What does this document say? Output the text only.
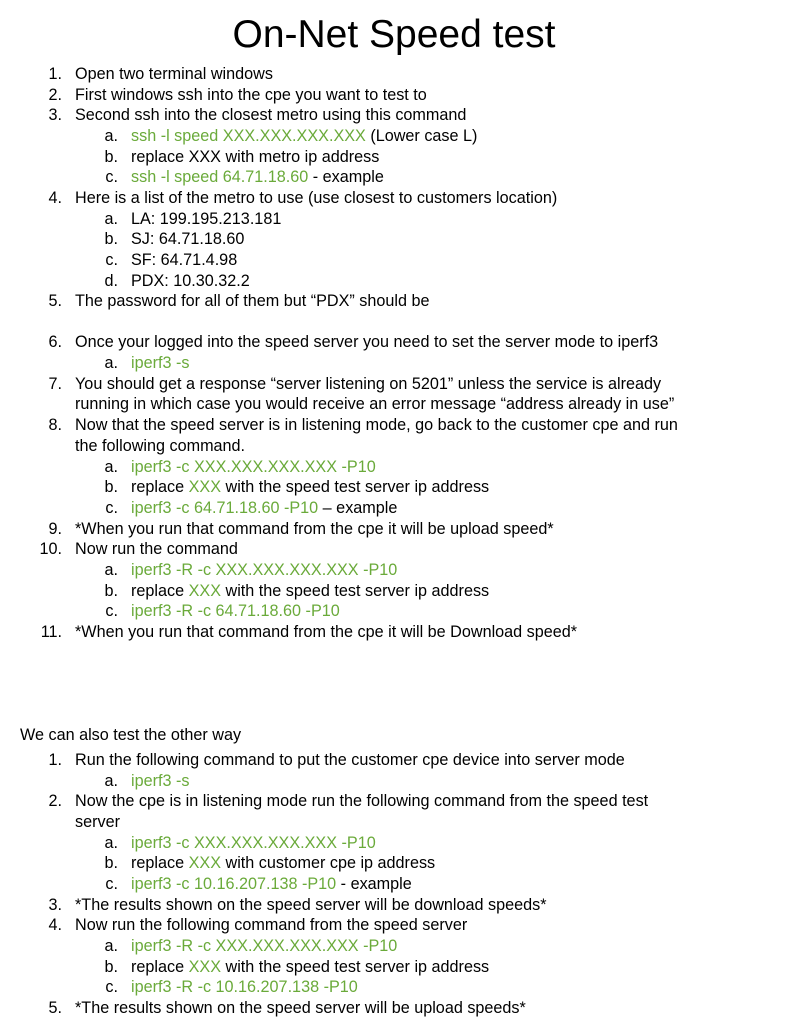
On-Net Speed test
1. Open two terminal windows
2. First windows ssh into the cpe you want to test to
3. Second ssh into the closest metro using this command
a. ssh -l speed XXX.XXX.XXX.XXX (Lower case L)
b. replace XXX with metro ip address
c. ssh -l speed 64.71.18.60 - example
4. Here is a list of the metro to use (use closest to customers location)
a. LA: 199.195.213.181
b. SJ: 64.71.18.60
c. SF: 64.71.4.98
d. PDX: 10.30.32.2
5. The password for all of them but “PDX” should be
6. Once your logged into the speed server you need to set the server mode to iperf3
a. iperf3 -s
7. You should get a response “server listening on 5201” unless the service is already
running in which case you would receive an error message “address already in use”
8. Now that the speed server is in listening mode, go back to the customer cpe and run
the following command.
a. iperf3 -c XXX.XXX.XXX.XXX -P10
b. replace XXX with the speed test server ip address
c. iperf3 -c 64.71.18.60 -P10 – example
9. *When you run that command from the cpe it will be upload speed*
10. Now run the command
a. iperf3 -R -c XXX.XXX.XXX.XXX -P10
b. replace XXX with the speed test server ip address
c. iperf3 -R -c 64.71.18.60 -P10
11. *When you run that command from the cpe it will be Download speed*
We can also test the other way
1. Run the following command to put the customer cpe device into server mode
a. iperf3 -s
2. Now the cpe is in listening mode run the following command from the speed test
server
a. iperf3 -c XXX.XXX.XXX.XXX -P10
b. replace XXX with customer cpe ip address
c. iperf3 -c 10.16.207.138 -P10 - example
3. *The results shown on the speed server will be download speeds*
4. Now run the following command from the speed server
a. iperf3 -R -c XXX.XXX.XXX.XXX -P10
b. replace XXX with the speed test server ip address
c. iperf3 -R -c 10.16.207.138 -P10
5. *The results shown on the speed server will be upload speeds*
